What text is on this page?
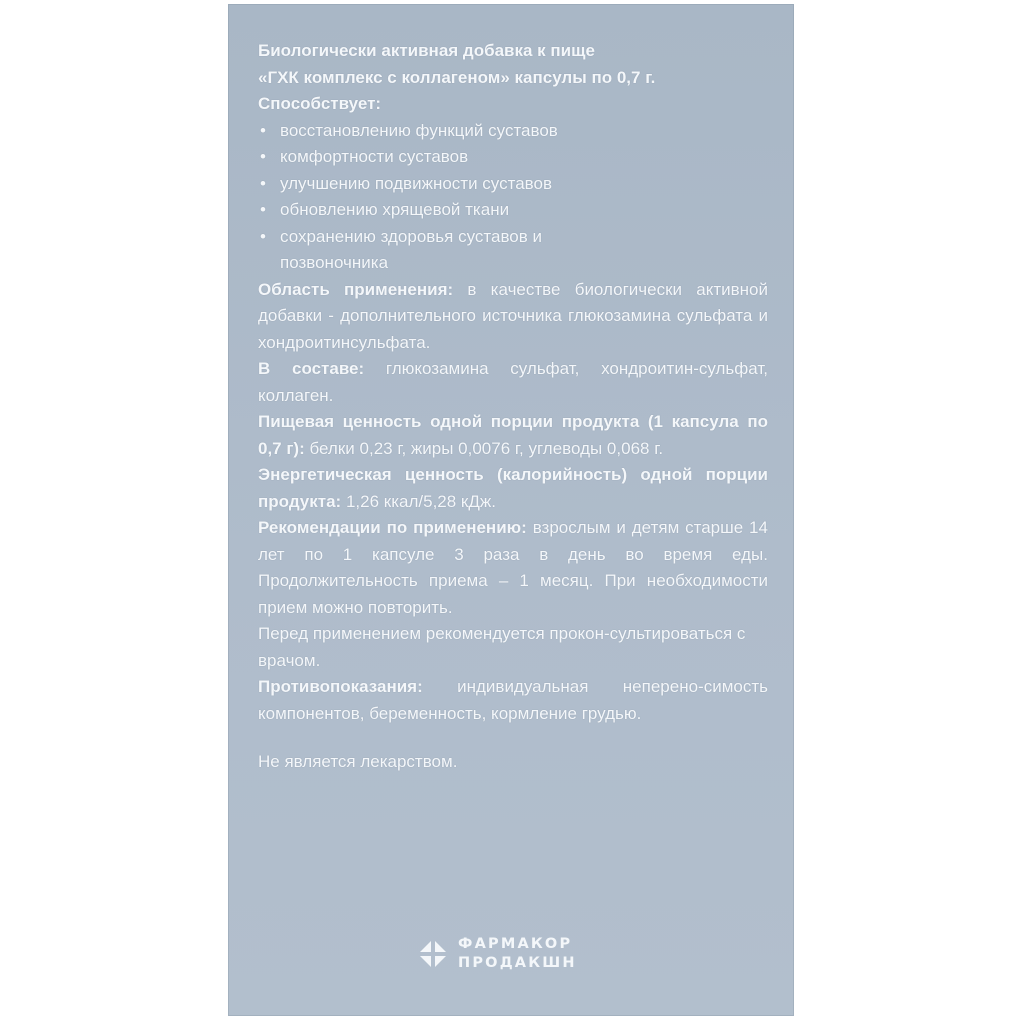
Биологически активная добавка к пище

«ГХК комплекс с коллагеном» капсулы по 0,7 г.

Способствует:

• восстановлению функций суставов
• комфортности суставов
• улучшению подвижности суставов
• обновлению хрящевой ткани
• сохранению здоровья суставов и позвоночника

Область применения: в качестве биологически активной добавки - дополнительного источника глюкозамина сульфата и хондроитинсульфата.

В составе: глюкозамина сульфат, хондроитин-сульфат, коллаген.

Пищевая ценность одной порции продукта (1 капсула по 0,7 г): белки 0,23 г, жиры 0,0076 г, углеводы 0,068 г.

Энергетическая ценность (калорийность) одной порции продукта: 1,26 ккал/5,28 кДж.

Рекомендации по применению: взрослым и детям старше 14 лет по 1 капсуле 3 раза в день во время еды. Продолжительность приема – 1 месяц. При необходимости прием можно повторить.

Перед применением рекомендуется прокон-сультироваться с врачом.

Противопоказания: индивидуальная неперено-симость компонентов, беременность, кормление грудью.

Не является лекарством.

ФАРМАКОР
ПРОДАКШН
